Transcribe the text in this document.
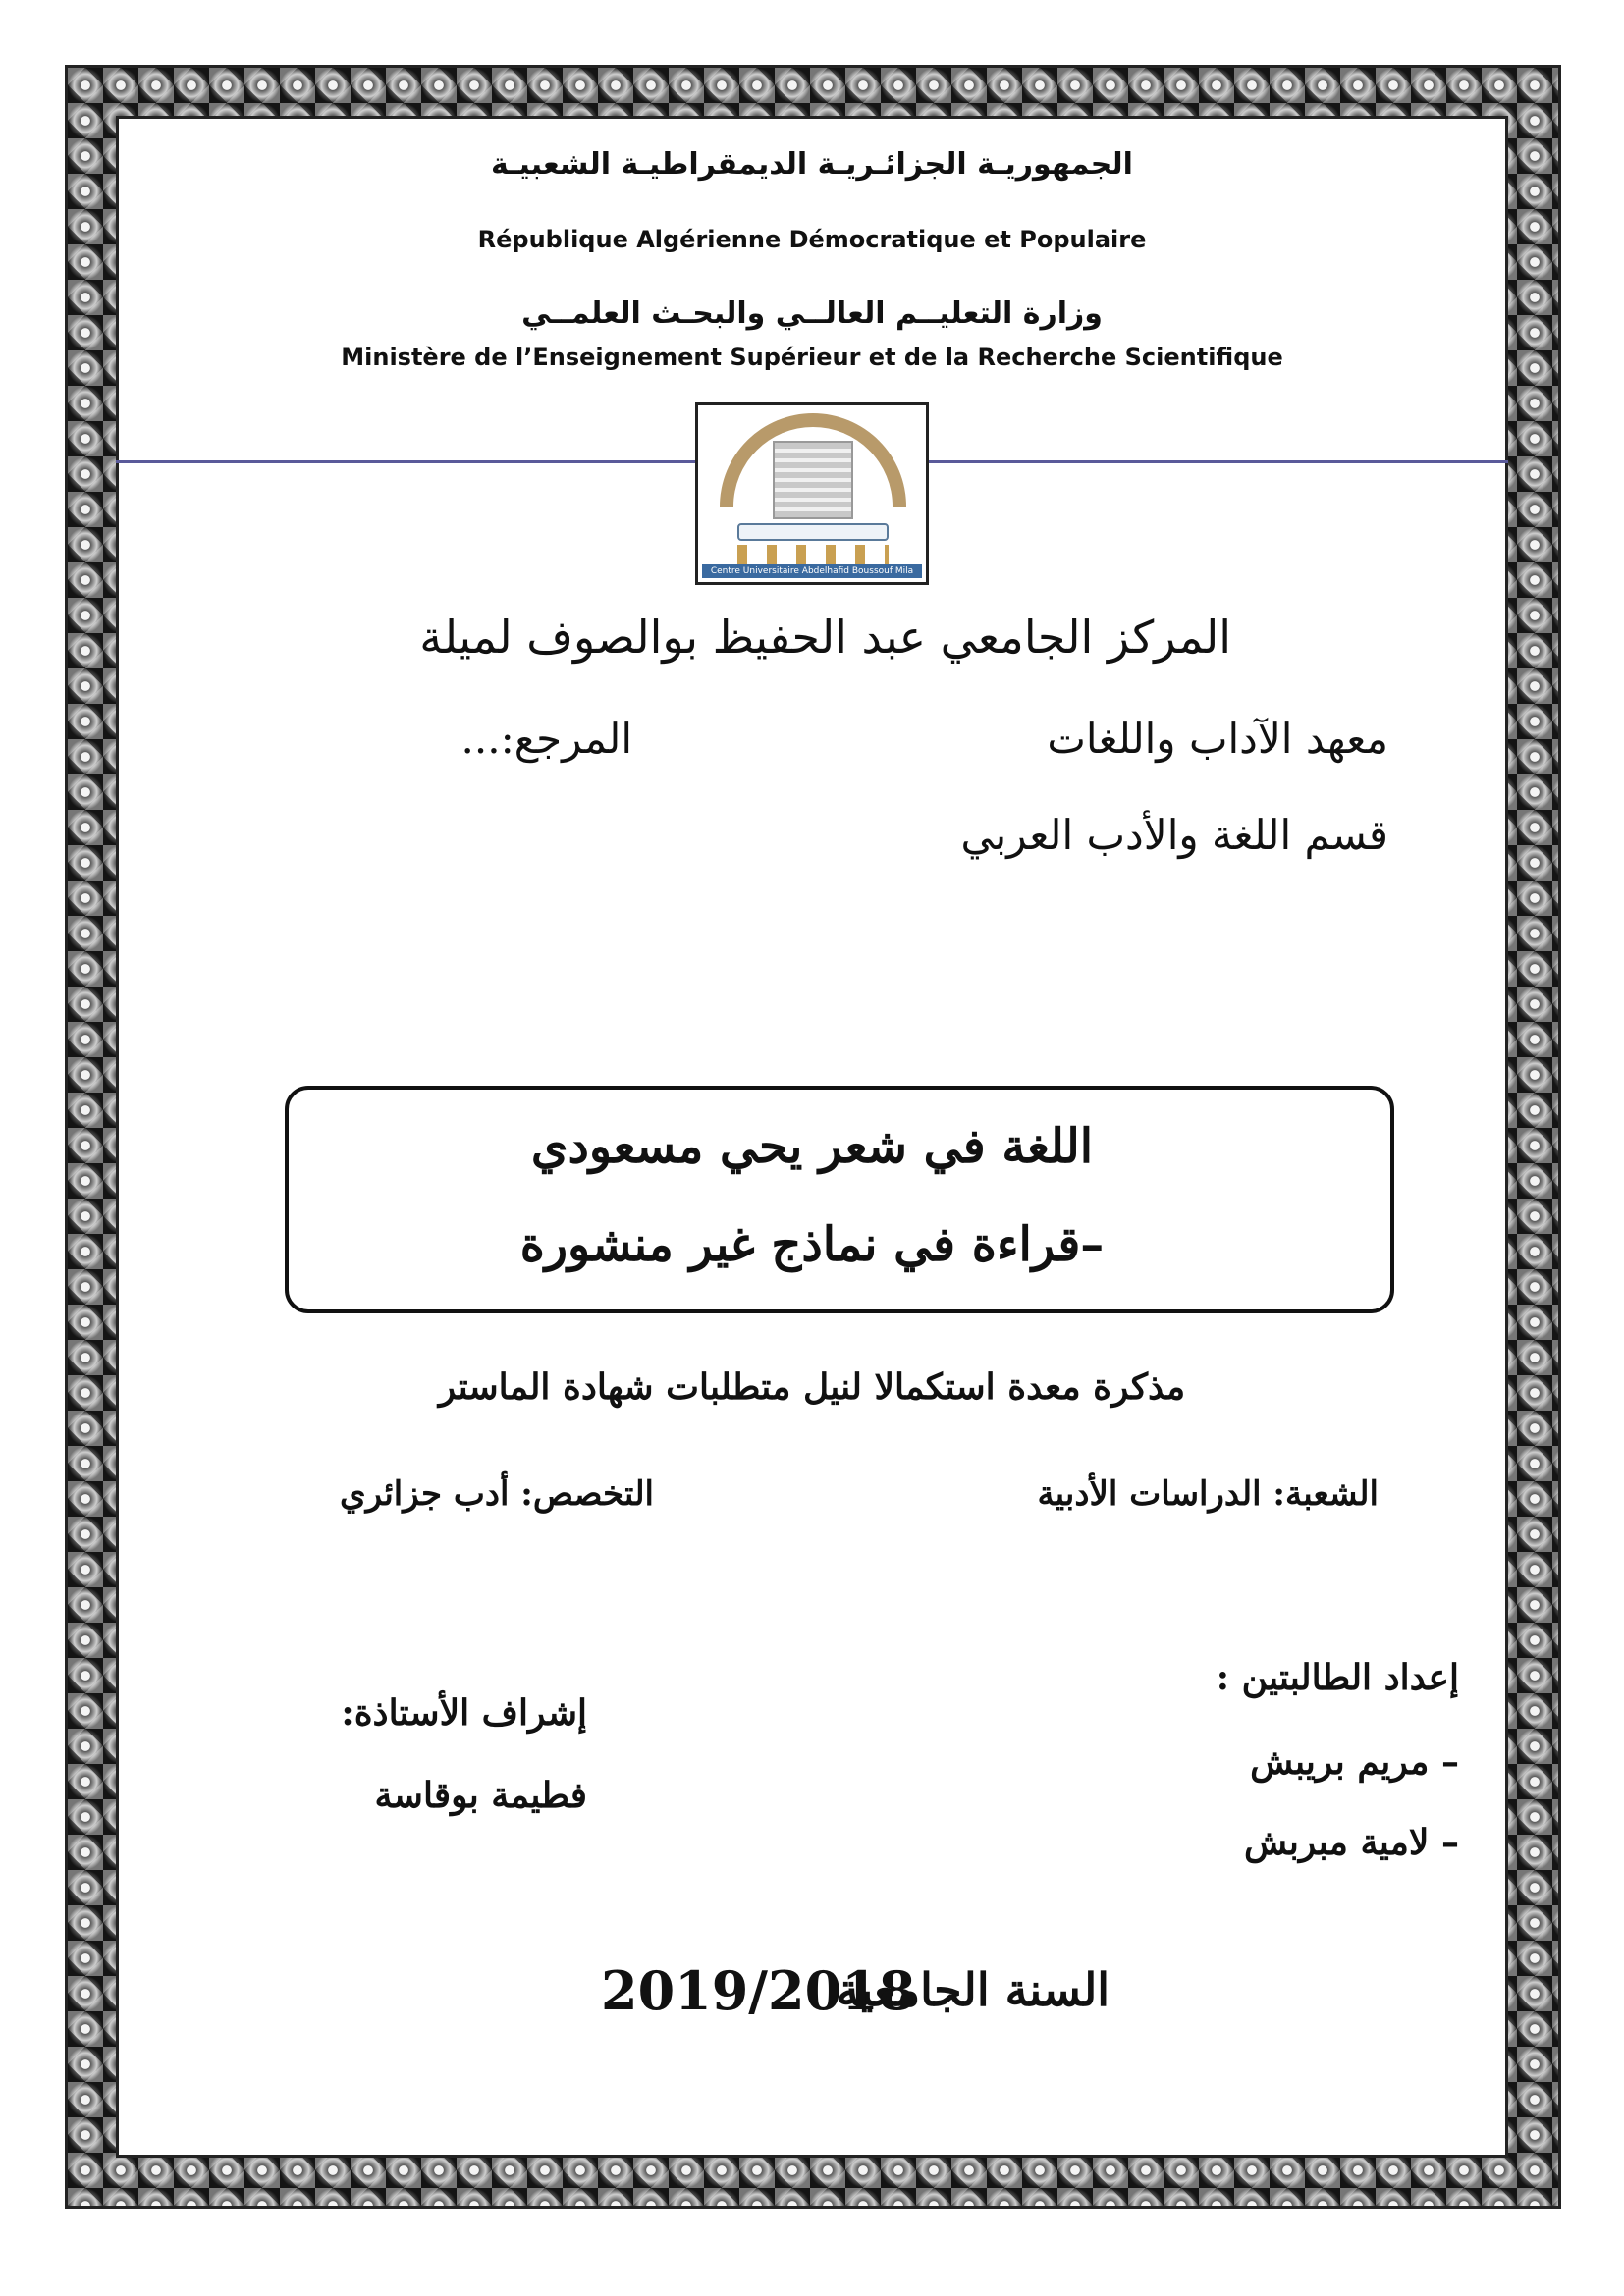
الجمهوريـة الجزائـريـة الديمقراطيـة الشعبيـة
République Algérienne Démocratique et Populaire
وزارة التعليــم العالــي والبحـث العلمــي
Ministère de l’Enseignement Supérieur et de la Recherche Scientifique
Centre Universitaire Abdelhafid Boussouf Mila
المركز الجامعي عبد الحفيظ بوالصوف لميلة
معهد الآداب واللغات
المرجع:...
قسم اللغة والأدب العربي
اللغة في شعر يحي مسعودي
–قراءة في نماذج غير منشورة
مذكرة معدة استكمالا لنيل متطلبات شهادة الماستر
الشعبة: الدراسات الأدبية
التخصص: أدب جزائري
إعداد الطالبتين :
– مريم بريبش
– لامية مبربش
إشراف الأستاذة:
فطيمة بوقاسة
السنة الجامعية
2019/2018
